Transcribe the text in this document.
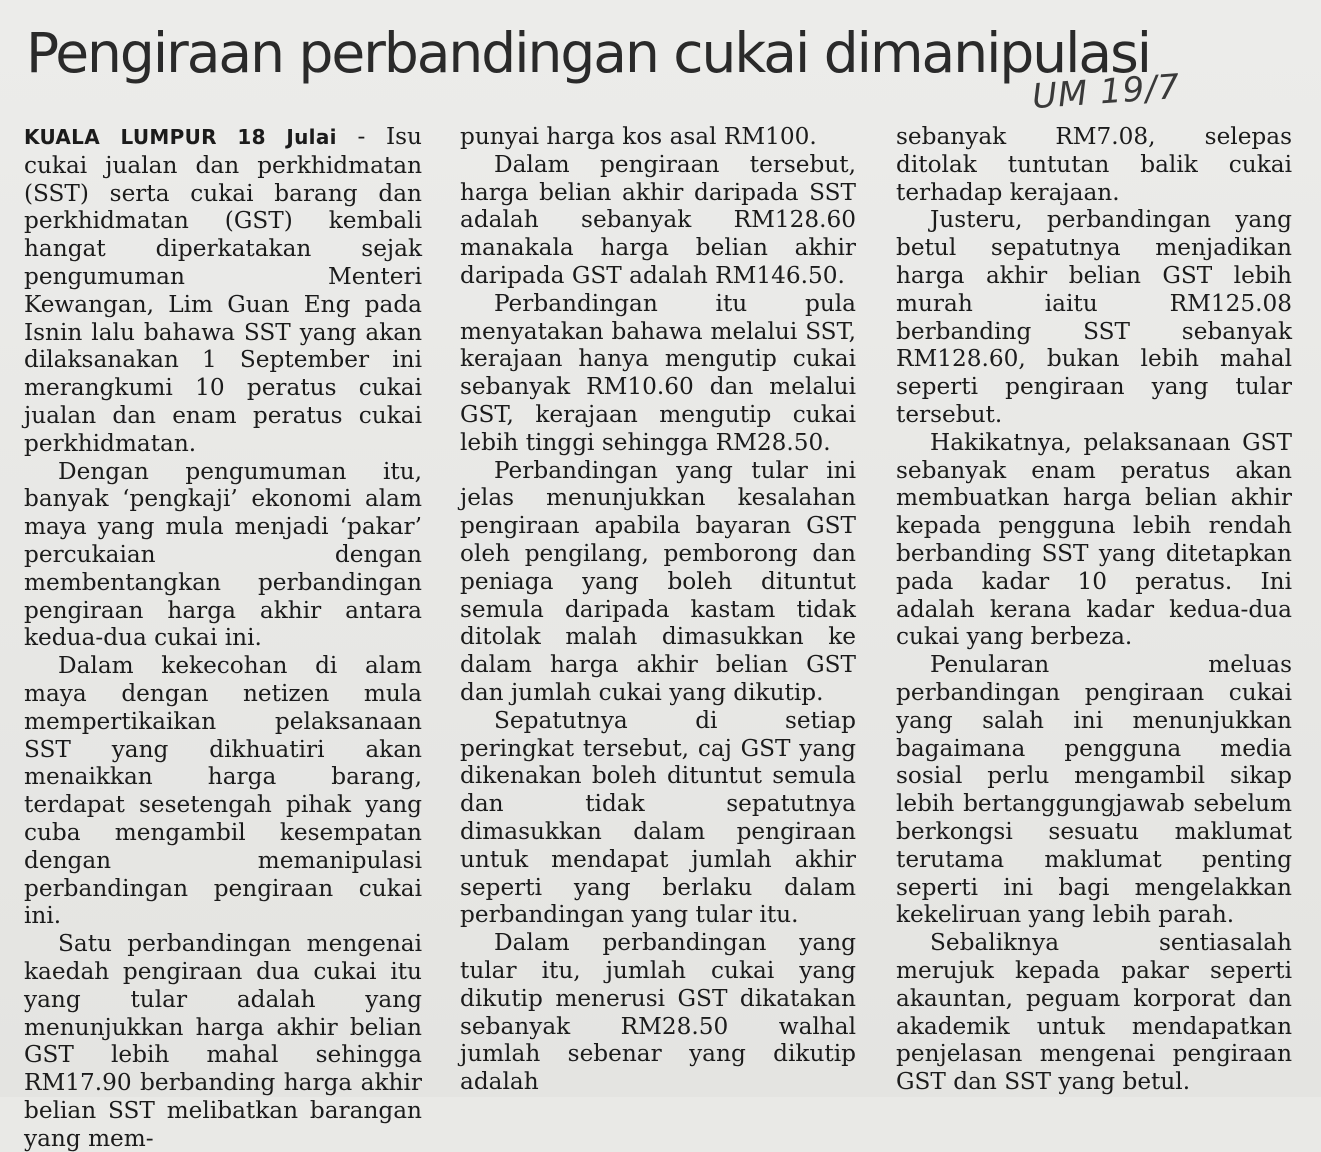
Pengiraan perbandingan cukai dimanipulasi
UM 19/7

KUALA LUMPUR 18 Julai - Isu cukai jualan dan perkhidmatan (SST) serta cukai barang dan perkhidmatan (GST) kembali hangat diperkatakan sejak pengumuman Menteri Kewangan, Lim Guan Eng pada Isnin lalu bahawa SST yang akan dilaksanakan 1 September ini merangkumi 10 peratus cukai jualan dan enam peratus cukai perkhidmatan.

Dengan pengumuman itu, banyak ‘pengkaji’ ekonomi alam maya yang mula menjadi ‘pakar’ percukaian dengan membentangkan perbandingan pengiraan harga akhir antara kedua-dua cukai ini.

Dalam kekecohan di alam maya dengan netizen mula mempertikaikan pelaksanaan SST yang dikhuatiri akan menaikkan harga barang, terdapat sesetengah pihak yang cuba mengambil kesempatan dengan memanipulasi perbandingan pengiraan cukai ini.

Satu perbandingan mengenai kaedah pengiraan dua cukai itu yang tular adalah yang menunjukkan harga akhir belian GST lebih mahal sehingga RM17.90 berbanding harga akhir belian SST melibatkan barangan yang mem-

punyai harga kos asal RM100.

Dalam pengiraan tersebut, harga belian akhir daripada SST adalah sebanyak RM128.60 manakala harga belian akhir daripada GST adalah RM146.50.

Perbandingan itu pula menyatakan bahawa melalui SST, kerajaan hanya mengutip cukai sebanyak RM10.60 dan melalui GST, kerajaan mengutip cukai lebih tinggi sehingga RM28.50.

Perbandingan yang tular ini jelas menunjukkan kesalahan pengiraan apabila bayaran GST oleh pengilang, pemborong dan peniaga yang boleh dituntut semula daripada kastam tidak ditolak malah dimasukkan ke dalam harga akhir belian GST dan jumlah cukai yang dikutip.

Sepatutnya di setiap peringkat tersebut, caj GST yang dikenakan boleh dituntut semula dan tidak sepatutnya dimasukkan dalam pengiraan untuk mendapat jumlah akhir seperti yang berlaku dalam perbandingan yang tular itu.

Dalam perbandingan yang tular itu, jumlah cukai yang dikutip menerusi GST dikatakan sebanyak RM28.50 walhal jumlah sebenar yang dikutip adalah

sebanyak RM7.08, selepas ditolak tuntutan balik cukai terhadap kerajaan.

Justeru, perbandingan yang betul sepatutnya menjadikan harga akhir belian GST lebih murah iaitu RM125.08 berbanding SST sebanyak RM128.60, bukan lebih mahal seperti pengiraan yang tular tersebut.

Hakikatnya, pelaksanaan GST sebanyak enam peratus akan membuatkan harga belian akhir kepada pengguna lebih rendah berbanding SST yang ditetapkan pada kadar 10 peratus. Ini adalah kerana kadar kedua-dua cukai yang berbeza.

Penularan meluas perbandingan pengiraan cukai yang salah ini menunjukkan bagaimana pengguna media sosial perlu mengambil sikap lebih bertanggungjawab sebelum berkongsi sesuatu maklumat terutama maklumat penting seperti ini bagi mengelakkan kekeliruan yang lebih parah.

Sebaliknya sentiasalah merujuk kepada pakar seperti akauntan, peguam korporat dan akademik untuk mendapatkan penjelasan mengenai pengiraan GST dan SST yang betul.
